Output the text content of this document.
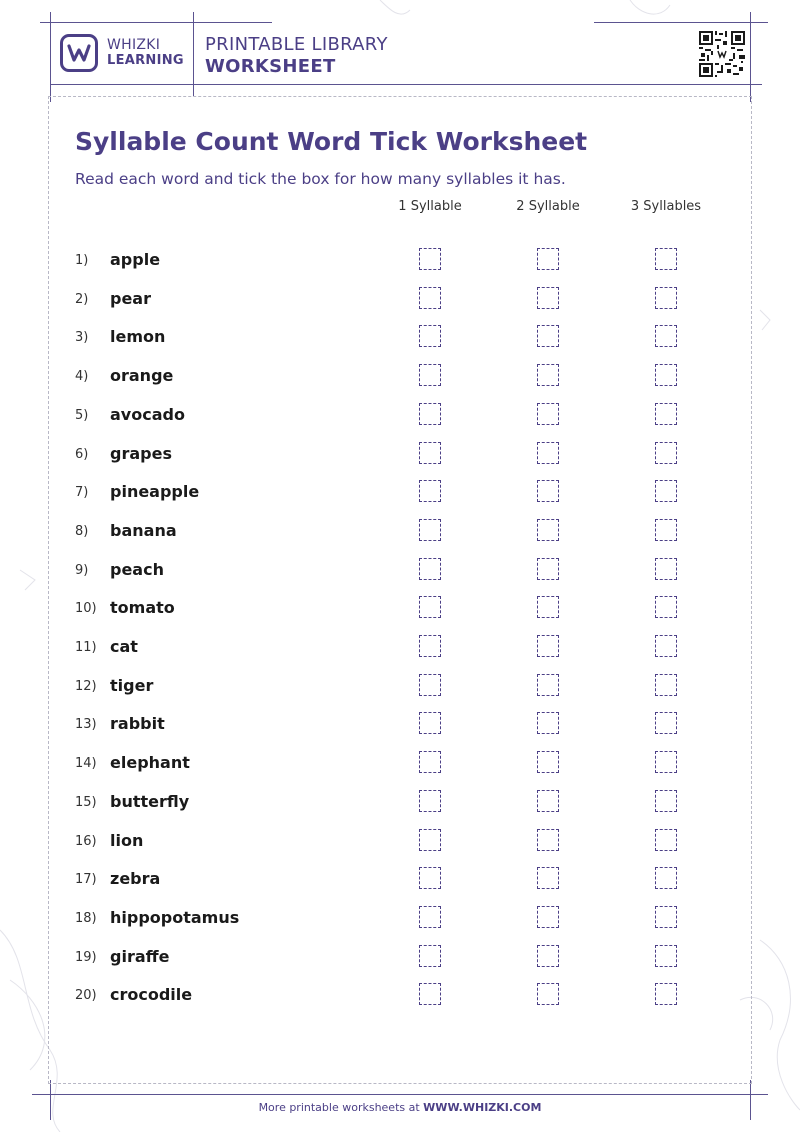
WHIZKI
LEARNING
PRINTABLE LIBRARY
WORKSHEET
Syllable Count Word Tick Worksheet
Read each word and tick the box for how many syllables it has.
1 Syllable	2 Syllable	3 Syllables
1) apple
2) pear
3) lemon
4) orange
5) avocado
6) grapes
7) pineapple
8) banana
9) peach
10) tomato
11) cat
12) tiger
13) rabbit
14) elephant
15) butterfly
16) lion
17) zebra
18) hippopotamus
19) giraffe
20) crocodile
More printable worksheets at WWW.WHIZKI.COM
